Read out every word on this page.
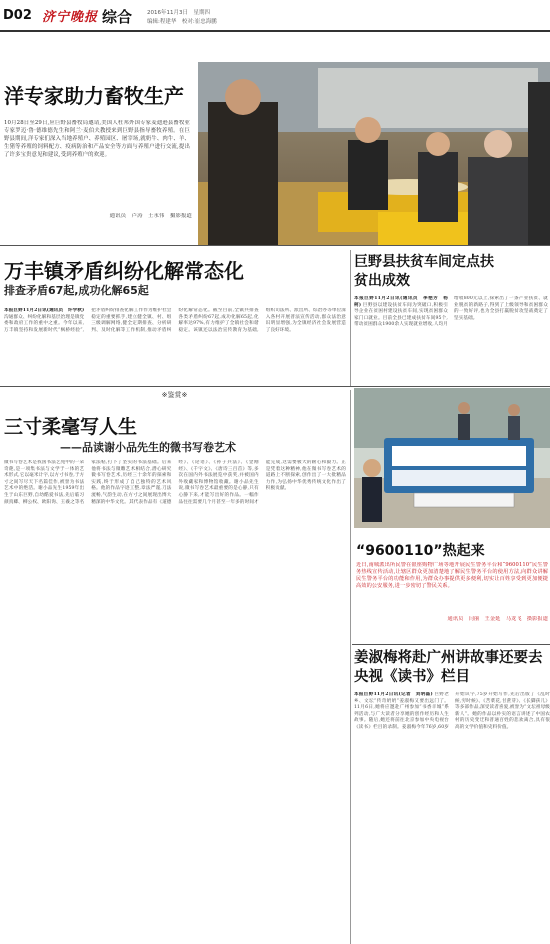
D02 济宁晚报 综合	2016年11月3日　星期四
编辑:程建华　校对:崔忠海鹏
洋专家助力畜牧生产
10月28日至29日,应巨野县畜牧局邀请,美国人杜邦外国专家麦迪逊县畜牧业专家罗迈·鲁·德维德先生和阿兰·麦伯夫教授来到巨野县指导畜牧养殖。在巨野县期间,洋专家们深入当地养殖户、养殖园区、屠宰场,就奶牛、肉牛、羊、生猪等养殖的饲料配方、疫病防治和产品安全等方面与养殖户进行交流,提出了许多宝贵意见和建议,受到养殖户的欢迎。
通讯员　卢涛　王永伟　摄影报道
万丰镇矛盾纠纷化解常态化
排查矛盾67起,成功化解65起
本报巨野11月2日讯(通讯员　许学秋) 沟通群众、纠纷化解和基层治理是镇党委和政府工作的重中之重。今年以来,万丰镇坚持和发展新时代“枫桥经验”,把矛盾纠纷排查化解工作作为维护社会稳定的重要抓手,建立健全镇、村、组三级调解网络,健全定期排查、分析研判、及时化解等工作机制,推动矛盾纠纷化解常态化。截至目前,全镇共排查各类矛盾纠纷67起,成功化解65起,化解率达97%,有力维护了全镇社会和谐稳定。该镇还以法治宣传教育为基础,组织司法所、派出所、综治办等单位深入各村开展普法宣传活动,群众法治意识明显增强,为全镇经济社会发展营造了良好环境。
巨野县扶贫车间定点扶贫出成效
本报巨野11月2日讯(通讯员　李艳芳　杨柯) 巨野县以建设扶贫车间为突破口,积极引导企业在贫困村建设扶贫车间,实现贫困群众家门口就业。目前全县已建成扶贫车间95个,带动贫困群众1900余人实现就业增收,人均月增收800元以上,探索出了一条产业扶贫、就业脱贫的新路子,得到了上级领导和贫困群众的一致好评,也为全县打赢脱贫攻坚战奠定了坚实基础。
※鉴赏※
三寸柔毫写人生
——品读谢小品先生的微书写卷艺术
微书写卷艺术是我国书法艺苑中的一朵奇葩,是一项集书法与文学于一体的艺术形式,它以毫米计字,以方寸书卷,于方寸之间写尽天下名篇佳作,被誉为书法艺术中的绝活。谢小品先生1959年出生于山东巨野,自幼酷爱书法,先后临习颜真卿、柳公权、欧阳询、王羲之等名家法帖,打下了坚实的书法基础。后来他将书法与微雕艺术相结合,潜心研究微书写卷艺术,历经三十余年的探索和实践,终于形成了自己独特的艺术风格。他的作品字迹工整,章法严谨,刀法流畅,气韵生动,在方寸之间展现出博大精深的中华文化。其代表作品有《道德经》、《论语》、《孙子兵法》、《金刚经》、《千字文》、《唐诗三百首》等,多次在国内外书法展览中获奖,并被国内外收藏家和博物馆收藏。谢小品先生说,微书写卷艺术最重要的是心静,只有心静下来,才能写出好的作品。一幅作品往往需要几个月甚至一年多的时间才能完成,这需要极大的耐心和毅力。正是凭着这种精神,他在微书写卷艺术的道路上不断探索,创作出了一大批精品力作,为弘扬中华优秀传统文化作出了积极贡献。
“9600110”热起来
近日,南城派出所民警在银座购物广场等地开展民生警务平台和“9600110”民生警务热线宣传活动,让辖区群众更加清楚地了解民生警务平台的使用方法,向群众讲解民生警务平台的功能和作用,为群众办事提供更多便利,切实让百姓享受到更加便捷高效的公安服务,进一步密切了警民关系。
通讯员　闫丽　王金延　马龙飞　摄影报道
姜淑梅将赴广州讲故事还要去央视《读书》栏目
本报巨野11月2日讯(记者　刘明磊) 巨野老乡、文坛“传奇奶奶”姜淑梅又要出远门了。11月6日,她将应邀赴广州参加“书香羊城”系列活动,与广大读者分享她的创作经历和人生故事。随后,她还将前往北京参加中央电视台《读书》栏目的录制。姜淑梅今年76岁,60岁开始识字,75岁开始写作,先后出版了《乱时候,穷时候》、《苦菜花,甘蔗芽》、《长脚孩儿》等多部作品,深受读者喜爱,被誉为“文坛祖母级新人”。她的作品以朴实的语言讲述了中国农村的历史变迁和普通百姓的悲欢离合,具有很高的文学价值和史料价值。
